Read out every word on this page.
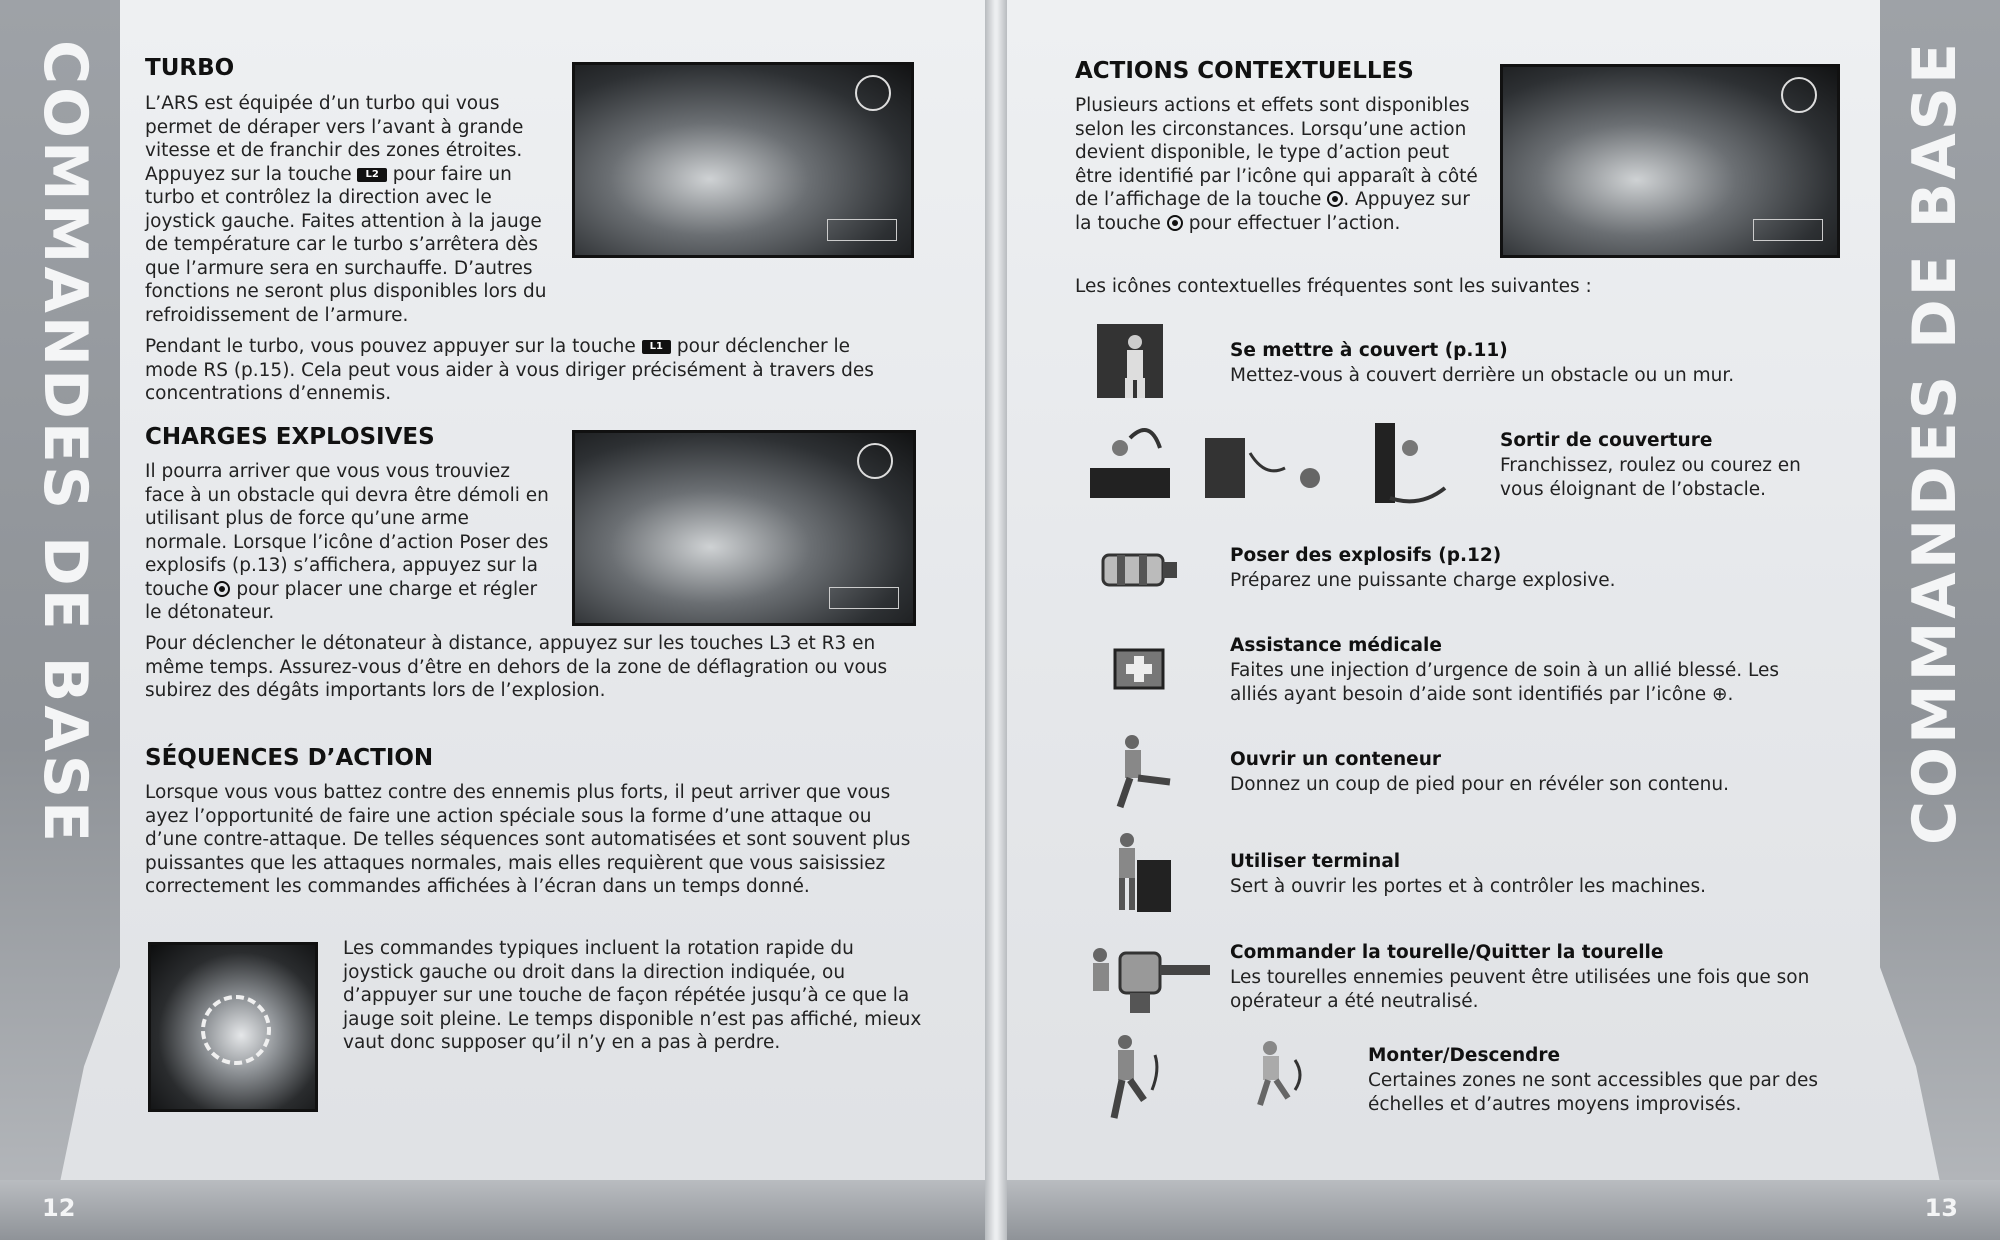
COMMANDES DE BASE
12
TURBO

L’ARS est équipée d’un turbo qui vous permet de déraper vers l’avant à grande vitesse et de franchir des zones étroites. Appuyez sur la touche L2 pour faire un turbo et contrôlez la direction avec le joystick gauche. Faites attention à la jauge de température car le turbo s’arrêtera dès que l’armure sera en surchauffe. D’autres fonctions ne seront plus disponibles lors du refroidissement de l’armure.

Pendant le turbo, vous pouvez appuyer sur la touche L1 pour déclencher le mode RS (p.15). Cela peut vous aider à vous diriger précisément à travers des concentrations d’ennemis.

CHARGES EXPLOSIVES

Il pourra arriver que vous vous trouviez face à un obstacle qui devra être démoli en utilisant plus de force qu’une arme normale. Lorsque l’icône d’action Poser des explosifs (p.13) s’affichera, appuyez sur la touche pour placer une charge et régler le détonateur.

Pour déclencher le détonateur à distance, appuyez sur les touches L3 et R3 en même temps. Assurez-vous d’être en dehors de la zone de déflagration ou vous subirez des dégâts importants lors de l’explosion.

SÉQUENCES D’ACTION

Lorsque vous vous battez contre des ennemis plus forts, il peut arriver que vous ayez l’opportunité de faire une action spéciale sous la forme d’une attaque ou d’une contre-attaque. De telles séquences sont automatisées et sont souvent plus puissantes que les attaques normales, mais elles requièrent que vous saisissiez correctement les commandes affichées à l’écran dans un temps donné.

Les commandes typiques incluent la rotation rapide du joystick gauche ou droit dans la direction indiquée, ou d’appuyer sur une touche de façon répétée jusqu’à ce que la jauge soit pleine. Le temps disponible n’est pas affiché, mieux vaut donc supposer qu’il n’y en a pas à perdre.

COMMANDES DE BASE
13
ACTIONS CONTEXTUELLES

Plusieurs actions et effets sont disponibles selon les circonstances. Lorsqu’une action devient disponible, le type d’action peut être identifié par l’icône qui apparaît à côté de l’affichage de la touche . Appuyez sur la touche pour effectuer l’action.

Les icônes contextuelles fréquentes sont les suivantes :

Se mettre à couvert (p.11)
Mettez-vous à couvert derrière un obstacle ou un mur.
Sortir de couverture
Franchissez, roulez ou courez en vous éloignant de l’obstacle.
Poser des explosifs (p.12)
Préparez une puissante charge explosive.
Assistance médicale
Faites une injection d’urgence de soin à un allié blessé. Les alliés ayant besoin d’aide sont identifiés par l’icône ⊕.
Ouvrir un conteneur
Donnez un coup de pied pour en révéler son contenu.
Utiliser terminal
Sert à ouvrir les portes et à contrôler les machines.
Commander la tourelle/Quitter la tourelle
Les tourelles ennemies peuvent être utilisées une fois que son opérateur a été neutralisé.
Monter/Descendre
Certaines zones ne sont accessibles que par des échelles et d’autres moyens improvisés.
